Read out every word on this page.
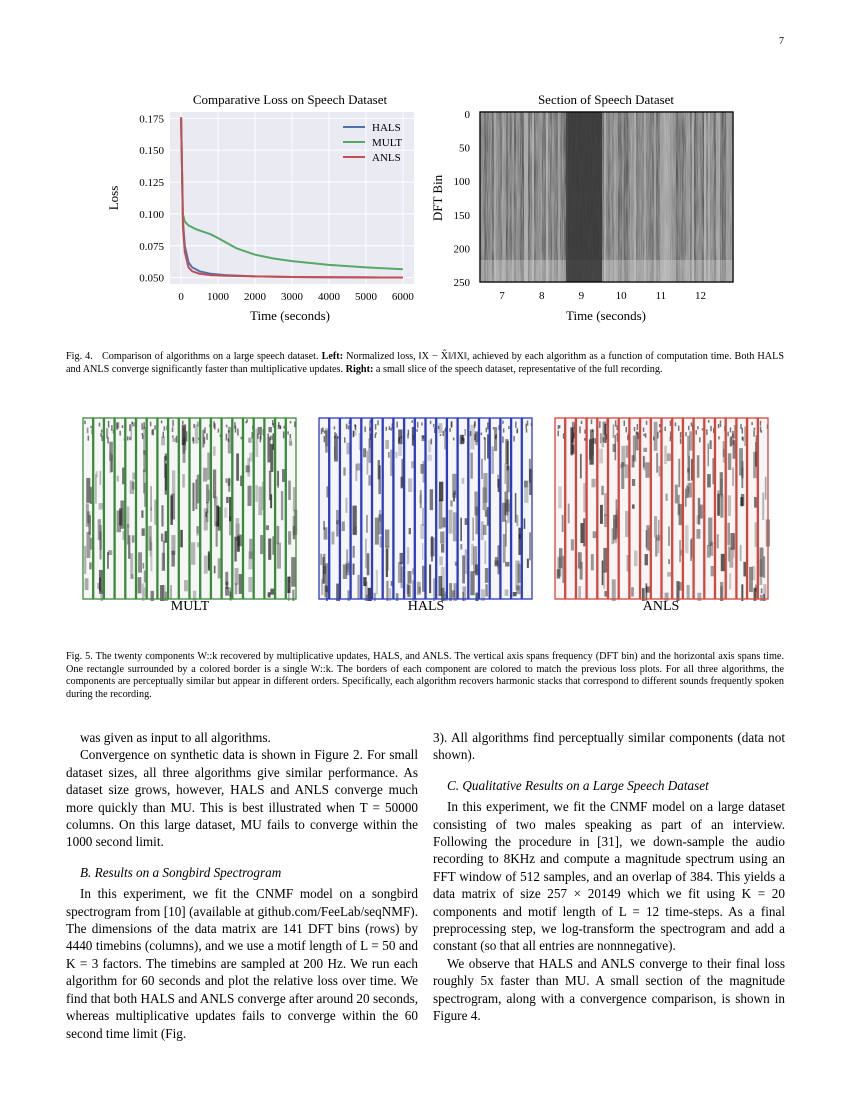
7
0 1000 2000 3000 4000 5000 6000
0.050
0.075
0.100
0.125
0.150
0.175
Comparative Loss on Speech Dataset
Time (seconds)
Loss
HALS
MULT
ANLS
Section of Speech Dataset
7	8	9	10	11	12
0
50
100
150
200
250
Time (seconds)
DFT Bin
Fig. 4. Comparison of algorithms on a large speech dataset. Left: Normalized loss, ‖X − X̂‖/‖X‖, achieved by each algorithm as a function of computation time. Both HALS and ANLS converge significantly faster than multiplicative updates. Right: a small slice of the speech dataset, representative of the full recording.
MULT	HALS	ANLS
Fig. 5. The twenty components W::k recovered by multiplicative updates, HALS, and ANLS. The vertical axis spans frequency (DFT bin) and the horizontal axis spans time. One rectangle surrounded by a colored border is a single W::k. The borders of each component are colored to match the previous loss plots. For all three algorithms, the components are perceptually similar but appear in different orders. Specifically, each algorithm recovers harmonic stacks that correspond to different sounds frequently spoken during the recording.

was given as input to all algorithms.

Convergence on synthetic data is shown in Figure 2. For small dataset sizes, all three algorithms give similar performance. As dataset size grows, however, HALS and ANLS converge much more quickly than MU. This is best illustrated when T = 50000 columns. On this large dataset, MU fails to converge within the 1000 second limit.

B. Results on a Songbird Spectrogram

In this experiment, we fit the CNMF model on a songbird spectrogram from [10] (available at github.com/FeeLab/seqNMF). The dimensions of the data matrix are 141 DFT bins (rows) by 4440 timebins (columns), and we use a motif length of L = 50 and K = 3 factors. The timebins are sampled at 200 Hz. We run each algorithm for 60 seconds and plot the relative loss over time. We find that both HALS and ANLS converge after around 20 seconds, whereas multiplicative updates fails to converge within the 60 second time limit (Fig.

3). All algorithms find perceptually similar components (data not shown).

C. Qualitative Results on a Large Speech Dataset

In this experiment, we fit the CNMF model on a large dataset consisting of two males speaking as part of an interview. Following the procedure in [31], we down-sample the audio recording to 8KHz and compute a magnitude spectrum using an FFT window of 512 samples, and an overlap of 384. This yields a data matrix of size 257 × 20149 which we fit using K = 20 components and motif length of L = 12 time-steps. As a final preprocessing step, we log-transform the spectrogram and add a constant (so that all entries are nonnnegative).

We observe that HALS and ANLS converge to their final loss roughly 5x faster than MU. A small section of the magnitude spectrogram, along with a convergence comparison, is shown in Figure 4.
